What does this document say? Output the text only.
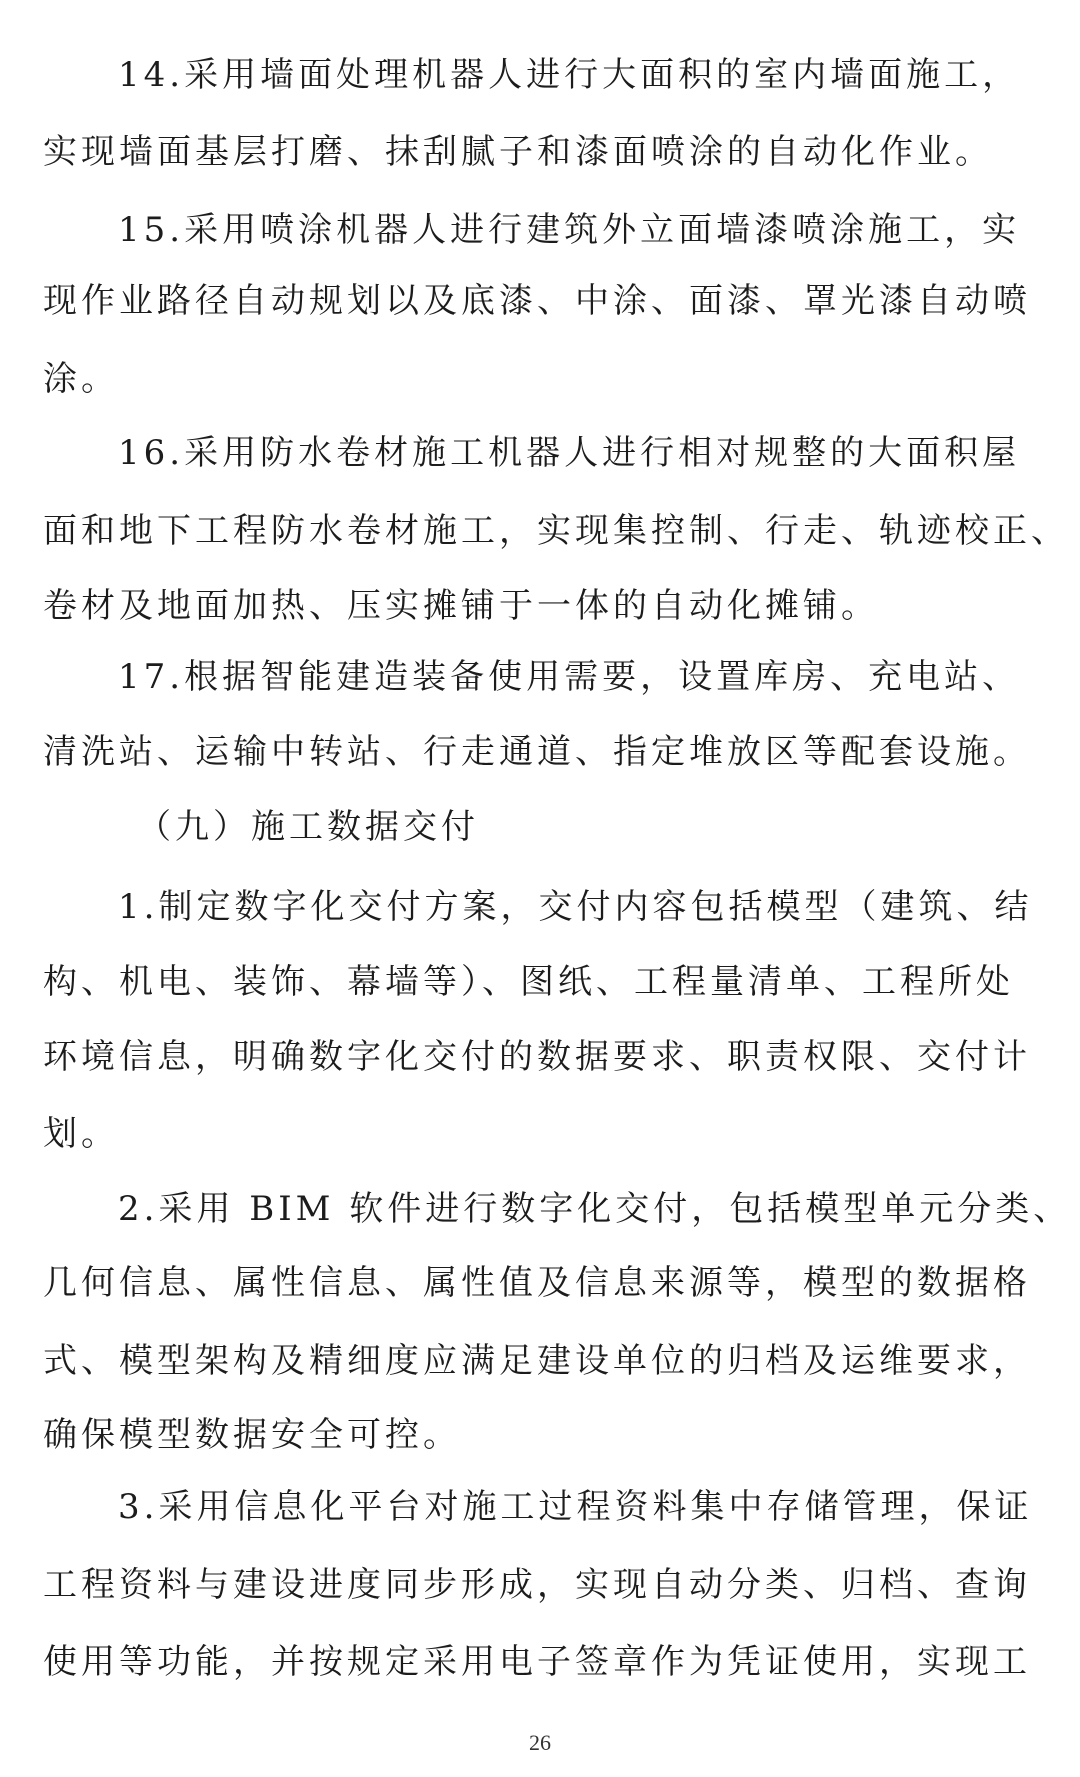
14.采用墙面处理机器人进行大面积的室内墙面施工，
实现墙面基层打磨、抹刮腻子和漆面喷涂的自动化作业。
15.采用喷涂机器人进行建筑外立面墙漆喷涂施工，实
现作业路径自动规划以及底漆、中涂、面漆、罩光漆自动喷
涂。
16.采用防水卷材施工机器人进行相对规整的大面积屋
面和地下工程防水卷材施工，实现集控制、行走、轨迹校正、
卷材及地面加热、压实摊铺于一体的自动化摊铺。
17.根据智能建造装备使用需要，设置库房、充电站、
清洗站、运输中转站、行走通道、指定堆放区等配套设施。
（九）施工数据交付
1.制定数字化交付方案，交付内容包括模型（建筑、结
构、机电、装饰、幕墙等）、图纸、工程量清单、工程所处
环境信息，明确数字化交付的数据要求、职责权限、交付计
划。
2.采用 BIM 软件进行数字化交付，包括模型单元分类、
几何信息、属性信息、属性值及信息来源等，模型的数据格
式、模型架构及精细度应满足建设单位的归档及运维要求，
确保模型数据安全可控。
3.采用信息化平台对施工过程资料集中存储管理，保证
工程资料与建设进度同步形成，实现自动分类、归档、查询
使用等功能，并按规定采用电子签章作为凭证使用，实现工
26
